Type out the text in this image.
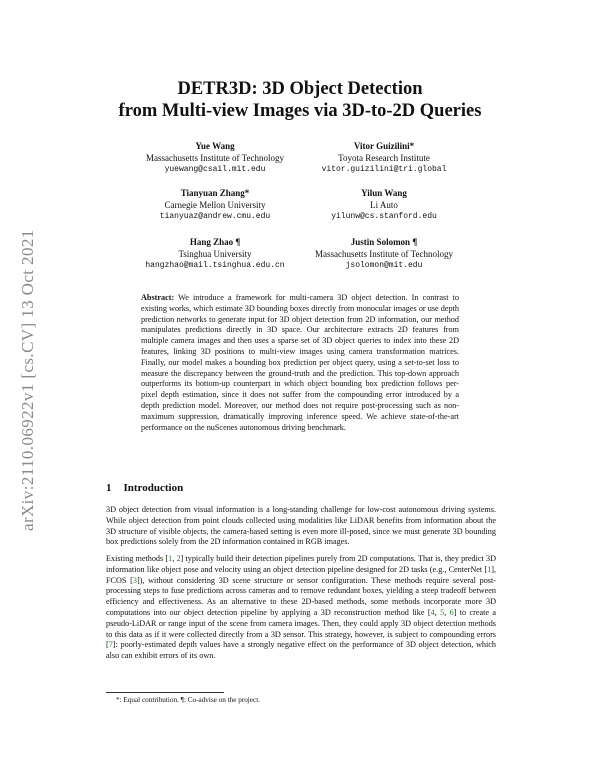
arXiv:2110.06922v1 [cs.CV] 13 Oct 2021
DETR3D: 3D Object Detection
from Multi-view Images via 3D-to-2D Queries
Yue Wang
Massachusetts Institute of Technology
yuewang@csail.mit.edu
Vitor Guizilini*
Toyota Research Institute
vitor.guizilini@tri.global
Tianyuan Zhang*
Carnegie Mellon University
tianyuaz@andrew.cmu.edu
Yilun Wang
Li Auto
yilunw@cs.stanford.edu
Hang Zhao ¶
Tsinghua University
hangzhao@mail.tsinghua.edu.cn
Justin Solomon ¶
Massachusetts Institute of Technology
jsolomon@mit.edu
Abstract: We introduce a framework for multi-camera 3D object detection. In contrast to existing works, which estimate 3D bounding boxes directly from monocular images or use depth prediction networks to generate input for 3D object detection from 2D information, our method manipulates predictions directly in 3D space. Our architecture extracts 2D features from multiple camera images and then uses a sparse set of 3D object queries to index into these 2D features, linking 3D positions to multi-view images using camera transformation matrices. Finally, our model makes a bounding box prediction per object query, using a set-to-set loss to measure the discrepancy between the ground-truth and the prediction. This top-down approach outperforms its bottom-up counterpart in which object bounding box prediction follows per-pixel depth estimation, since it does not suffer from the compounding error introduced by a depth prediction model. Moreover, our method does not require post-processing such as non-maximum suppression, dramatically improving inference speed. We achieve state-of-the-art performance on the nuScenes autonomous driving benchmark.
1 Introduction
3D object detection from visual information is a long-standing challenge for low-cost autonomous driving systems. While object detection from point clouds collected using modalities like LiDAR benefits from information about the 3D structure of visible objects, the camera-based setting is even more ill-posed, since we must generate 3D bounding box predictions solely from the 2D information contained in RGB images.
Existing methods [1, 2] typically build their detection pipelines purely from 2D computations. That is, they predict 3D information like object pose and velocity using an object detection pipeline designed for 2D tasks (e.g., CenterNet [1], FCOS [3]), without considering 3D scene structure or sensor configuration. These methods require several post-processing steps to fuse predictions across cameras and to remove redundant boxes, yielding a steep tradeoff between efficiency and effectiveness. As an alternative to these 2D-based methods, some methods incorporate more 3D computations into our object detection pipeline by applying a 3D reconstruction method like [4, 5, 6] to create a pseudo-LiDAR or range input of the scene from camera images. Then, they could apply 3D object detection methods to this data as if it were collected directly from a 3D sensor. This strategy, however, is subject to compounding errors [7]: poorly-estimated depth values have a strongly negative effect on the performance of 3D object detection, which also can exhibit errors of its own.
*: Equal contribution. ¶: Co-advise on the project.
